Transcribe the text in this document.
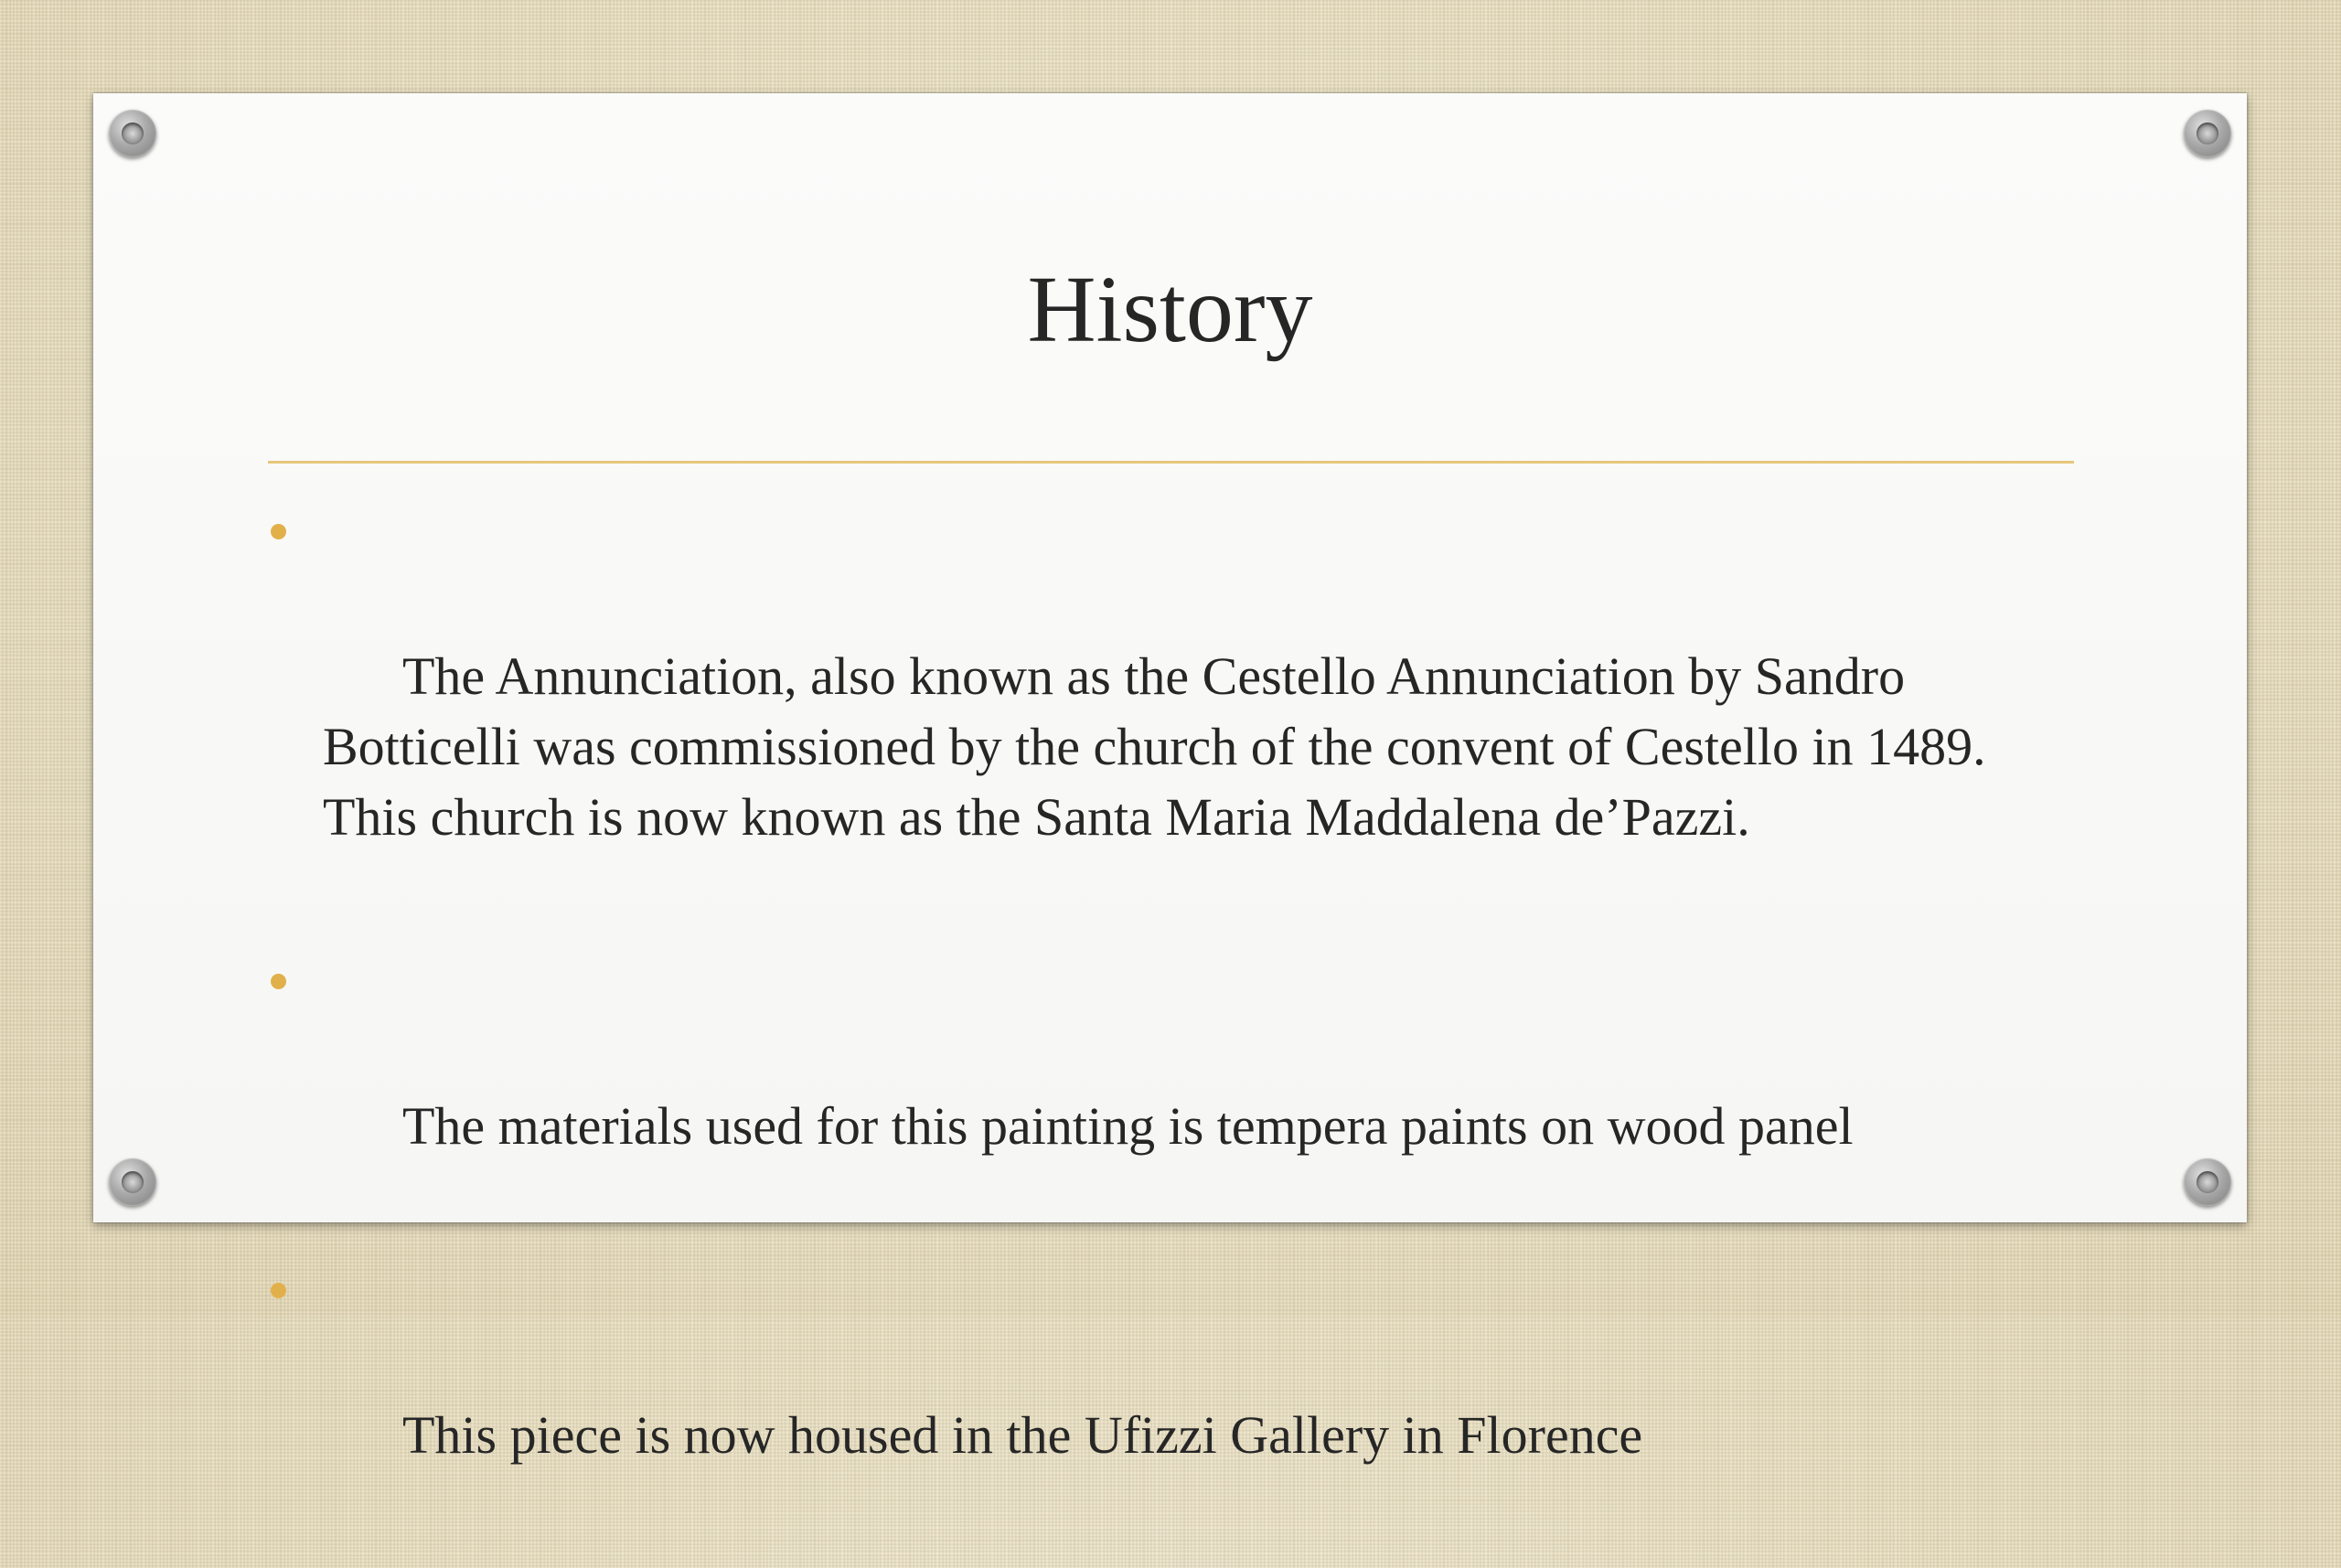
History

The Annunciation, also known as the Cestello Annunciation by Sandro Botticelli was commissioned by the church of the convent of Cestello in 1489.  This church is now known as the Santa Maria Maddalena de’Pazzi.

The materials used for this painting is tempera paints on wood panel

This piece is now housed in the Ufizzi Gallery in Florence
